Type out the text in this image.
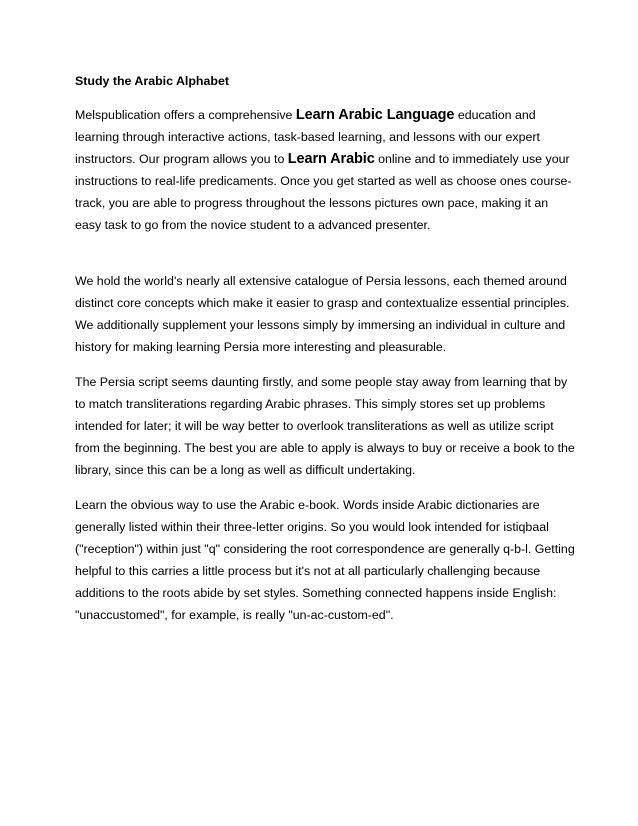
Study the Arabic Alphabet

Melspublication offers a comprehensive Learn Arabic Language education and learning through interactive actions, task-based learning, and lessons with our expert instructors. Our program allows you to Learn Arabic online and to immediately use your instructions to real-life predicaments. Once you get started as well as choose ones course-track, you are able to progress throughout the lessons pictures own pace, making it an easy task to go from the novice student to a advanced presenter.

We hold the world's nearly all extensive catalogue of Persia lessons, each themed around distinct core concepts which make it easier to grasp and contextualize essential principles. We additionally supplement your lessons simply by immersing an individual in culture and history for making learning Persia more interesting and pleasurable.

The Persia script seems daunting firstly, and some people stay away from learning that by to match transliterations regarding Arabic phrases. This simply stores set up problems intended for later; it will be way better to overlook transliterations as well as utilize script from the beginning. The best you are able to apply is always to buy or receive a book to the library, since this can be a long as well as difficult undertaking.

Learn the obvious way to use the Arabic e-book. Words inside Arabic dictionaries are generally listed within their three-letter origins. So you would look intended for istiqbaal ("reception") within just "q" considering the root correspondence are generally q-b-l. Getting helpful to this carries a little process but it's not at all particularly challenging because additions to the roots abide by set styles. Something connected happens inside English: "unaccustomed", for example, is really "un-ac-custom-ed".
